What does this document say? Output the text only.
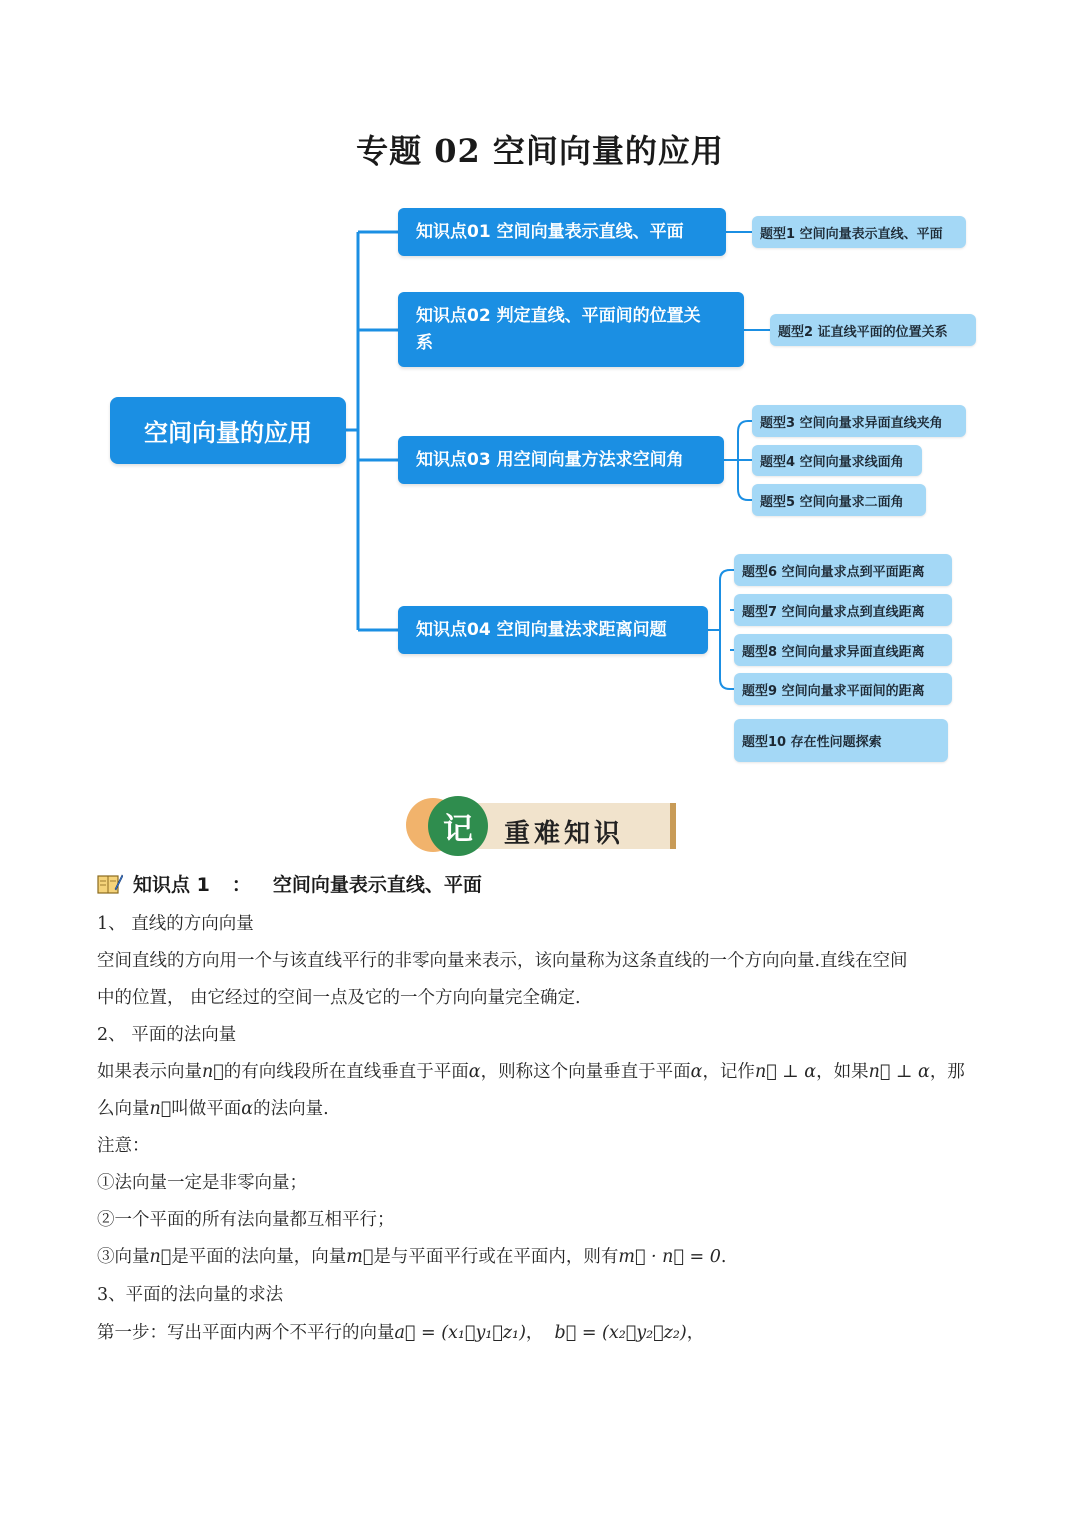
专题 02 空间向量的应用
空间向量的应用
知识点01 空间向量表示直线、平面
知识点02 判定直线、平面间的位置关
系
知识点03 用空间向量方法求空间角
知识点04 空间向量法求距离问题
题型1 空间向量表示直线、平面
题型2 证直线平面的位置关系
题型3 空间向量求异面直线夹角
题型4 空间向量求线面角
题型5 空间向量求二面角
题型6 空间向量求点到平面距离
题型7 空间向量求点到直线距离
题型8 空间向量求异面直线距离
题型9 空间向量求平面间的距离
题型10 存在性问题探索
记	重难知识
知识点 1 ： 空间向量表示直线、平面
1、 直线的方向向量
空间直线的方向用一个与该直线平行的非零向量来表示，该向量称为这条直线的一个方向向量.直线在空间
中的位置， 由它经过的空间一点及它的一个方向向量完全确定.
2、 平面的法向量
如果表示向量n⃗的有向线段所在直线垂直于平面α，则称这个向量垂直于平面α，记作n⃗ ⊥ α，如果n⃗ ⊥ α，那
么向量n⃗叫做平面α的法向量.
注意：
①法向量一定是非零向量；
②一个平面的所有法向量都互相平行；
③向量n⃗是平面的法向量，向量m⃗是与平面平行或在平面内，则有m⃗ · n⃗ = 0.
3、平面的法向量的求法
第一步：写出平面内两个不平行的向量a⃗ = (x₁，y₁，z₁)， b⃗ = (x₂，y₂，z₂)，
